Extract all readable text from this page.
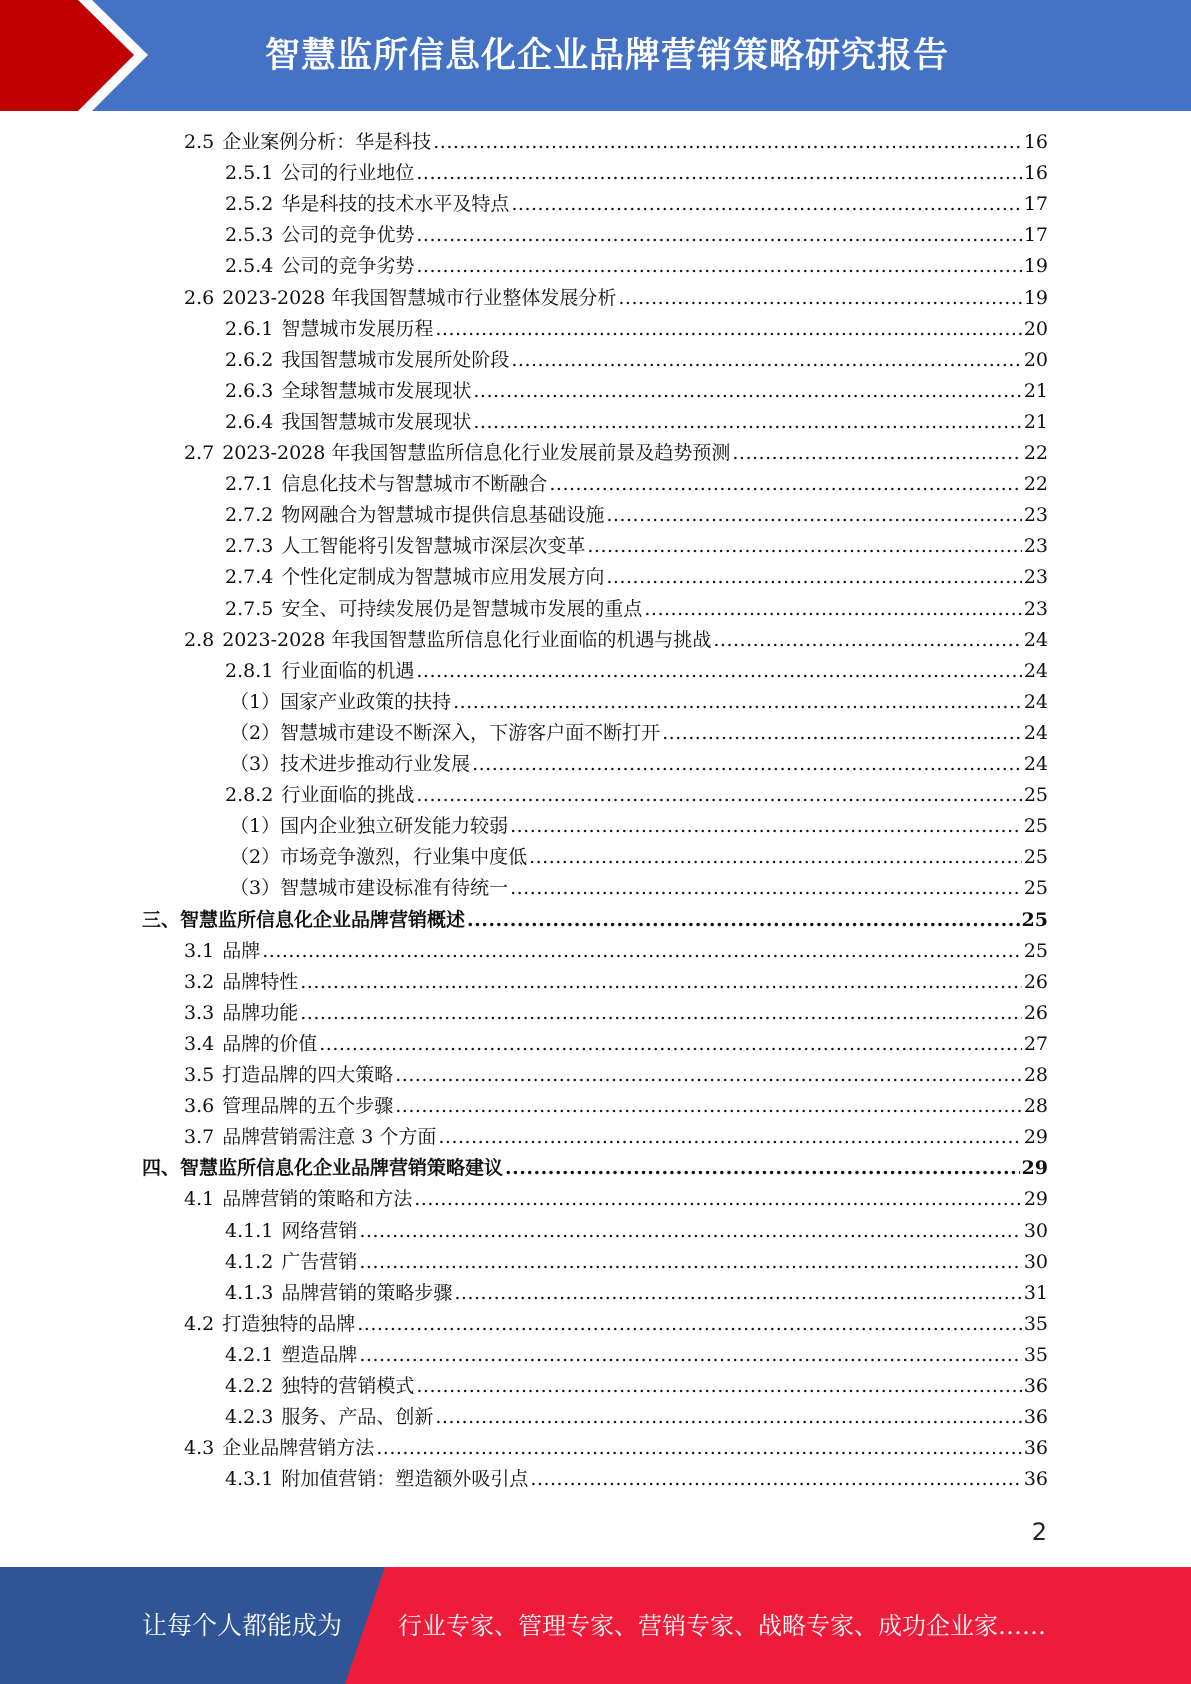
智慧监所信息化企业品牌营销策略研究报告
2.5 企业案例分析：华是科技 .....	16
2.5.1 公司的行业地位 .....	16
2.5.2 华是科技的技术水平及特点 .....	17
2.5.3 公司的竞争优势 .....	17
2.5.4 公司的竞争劣势 .....	19
2.6 2023-2028 年我国智慧城市行业整体发展分析 .....	19
2.6.1 智慧城市发展历程 .....	20
2.6.2 我国智慧城市发展所处阶段 .....	20
2.6.3 全球智慧城市发展现状 .....	21
2.6.4 我国智慧城市发展现状 .....	21
2.7 2023-2028 年我国智慧监所信息化行业发展前景及趋势预测 .....	22
2.7.1 信息化技术与智慧城市不断融合 .....	22
2.7.2 物网融合为智慧城市提供信息基础设施 .....	23
2.7.3 人工智能将引发智慧城市深层次变革 .....	23
2.7.4 个性化定制成为智慧城市应用发展方向 .....	23
2.7.5 安全、可持续发展仍是智慧城市发展的重点 .....	23
2.8 2023-2028 年我国智慧监所信息化行业面临的机遇与挑战 .....	24
2.8.1 行业面临的机遇 .....	24
（1）国家产业政策的扶持 .....	24
（2）智慧城市建设不断深入，下游客户面不断打开 .....	24
（3）技术进步推动行业发展 .....	24
2.8.2 行业面临的挑战 .....	25
（1）国内企业独立研发能力较弱 .....	25
（2）市场竞争激烈，行业集中度低 .....	25
（3）智慧城市建设标准有待统一 .....	25
三、智慧监所信息化企业品牌营销概述 .....	25
3.1 品牌 .....	25
3.2 品牌特性 .....	26
3.3 品牌功能 .....	26
3.4 品牌的价值 .....	27
3.5 打造品牌的四大策略 .....	28
3.6 管理品牌的五个步骤 .....	28
3.7 品牌营销需注意 3 个方面 .....	29
四、智慧监所信息化企业品牌营销策略建议 .....	29
4.1 品牌营销的策略和方法 .....	29
4.1.1 网络营销 .....	30
4.1.2 广告营销 .....	30
4.1.3 品牌营销的策略步骤 .....	31
4.2 打造独特的品牌 .....	35
4.2.1 塑造品牌 .....	35
4.2.2 独特的营销模式 .....	36
4.2.3 服务、产品、创新 .....	36
4.3 企业品牌营销方法 .....	36
4.3.1 附加值营销：塑造额外吸引点 .....	36
2
让每个人都能成为 行业专家、管理专家、营销专家、战略专家、成功企业家……
